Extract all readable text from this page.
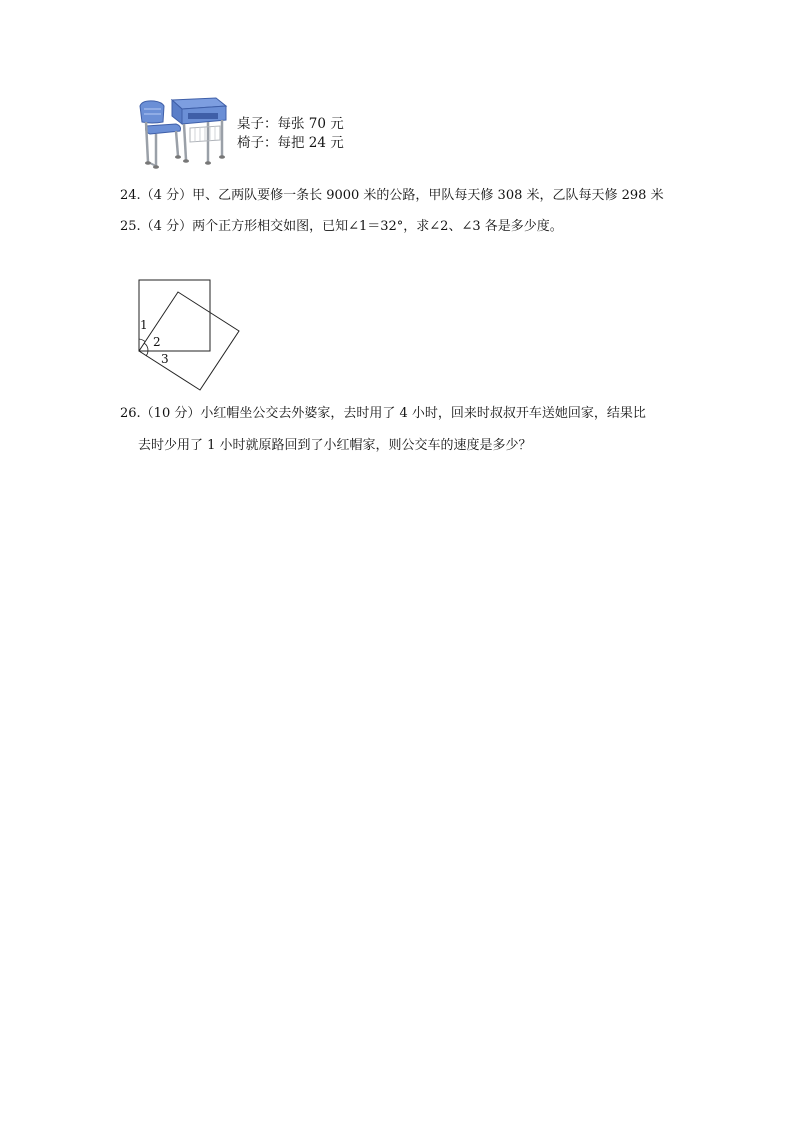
桌子：每张 70 元
椅子：每把 24 元
24.（4 分）甲、乙两队要修一条长 9000 米的公路，甲队每天修 308 米，乙队每天修 298 米
25.（4 分）两个正方形相交如图，已知∠1＝32°，求∠2、∠3 各是多少度。
1
2
3
26.（10 分）小红帽坐公交去外婆家，去时用了 4 小时，回来时叔叔开车送她回家，结果比
去时少用了 1 小时就原路回到了小红帽家，则公交车的速度是多少？
